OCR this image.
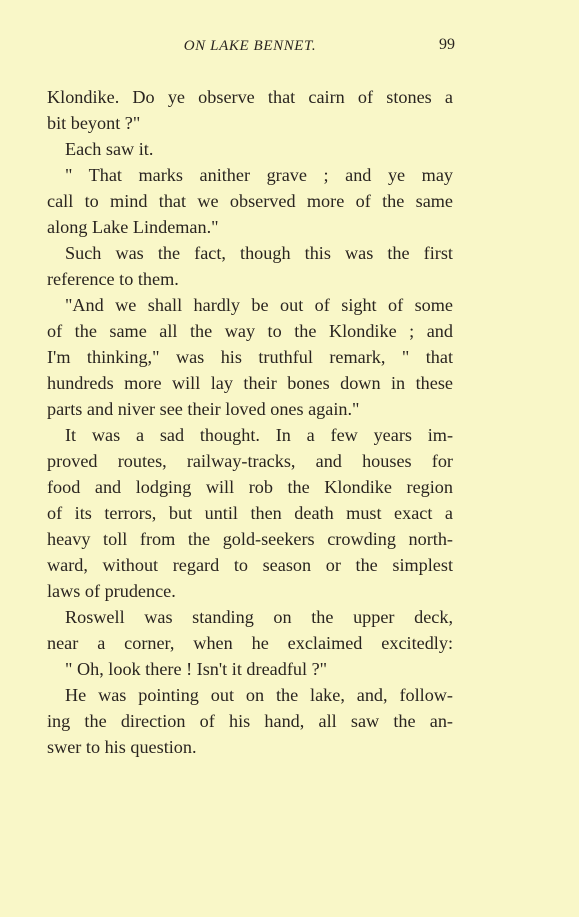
ON LAKE BENNET.	99
Klondike. Do ye observe that cairn of stones a
bit beyont ?"
Each saw it.
" That marks anither grave ; and ye may
call to mind that we observed more of the same
along Lake Lindeman."
Such was the fact, though this was the first
reference to them.
"And we shall hardly be out of sight of some
of the same all the way to the Klondike ; and
I'm thinking," was his truthful remark, " that
hundreds more will lay their bones down in these
parts and niver see their loved ones again."
It was a sad thought. In a few years im-
proved routes, railway-tracks, and houses for
food and lodging will rob the Klondike region
of its terrors, but until then death must exact a
heavy toll from the gold-seekers crowding north-
ward, without regard to season or the simplest
laws of prudence.
Roswell was standing on the upper deck,
near a corner, when he exclaimed excitedly:
" Oh, look there ! Isn't it dreadful ?"
He was pointing out on the lake, and, follow-
ing the direction of his hand, all saw the an-
swer to his question.
